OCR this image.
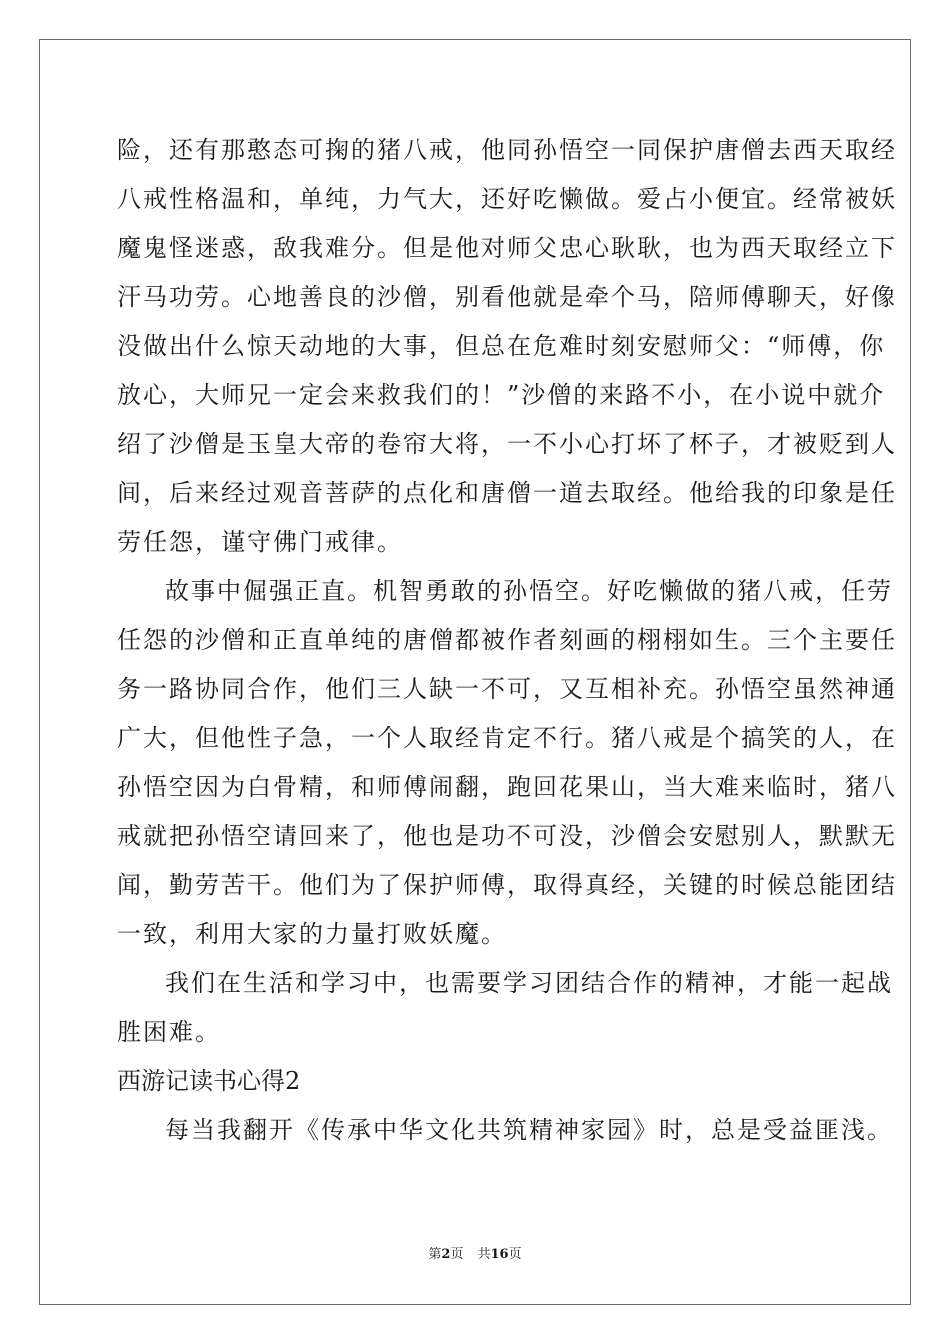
险，还有那憨态可掬的猪八戒，他同孙悟空一同保护唐僧去西天取经
八戒性格温和，单纯，力气大，还好吃懒做。爱占小便宜。经常被妖
魔鬼怪迷惑，敌我难分。但是他对师父忠心耿耿，也为西天取经立下
汗马功劳。心地善良的沙僧，别看他就是牵个马，陪师傅聊天，好像
没做出什么惊天动地的大事，但总在危难时刻安慰师父：“师傅，你
放心，大师兄一定会来救我们的！”沙僧的来路不小，在小说中就介
绍了沙僧是玉皇大帝的卷帘大将，一不小心打坏了杯子，才被贬到人
间，后来经过观音菩萨的点化和唐僧一道去取经。他给我的印象是任
劳任怨，谨守佛门戒律。
故事中倔强正直。机智勇敢的孙悟空。好吃懒做的猪八戒，任劳
任怨的沙僧和正直单纯的唐僧都被作者刻画的栩栩如生。三个主要任
务一路协同合作，他们三人缺一不可，又互相补充。孙悟空虽然神通
广大，但他性子急，一个人取经肯定不行。猪八戒是个搞笑的人，在
孙悟空因为白骨精，和师傅闹翻，跑回花果山，当大难来临时，猪八
戒就把孙悟空请回来了，他也是功不可没，沙僧会安慰别人，默默无
闻，勤劳苦干。他们为了保护师傅，取得真经，关键的时候总能团结
一致，利用大家的力量打败妖魔。
我们在生活和学习中，也需要学习团结合作的精神，才能一起战
胜困难。
西游记读书心得2
每当我翻开《传承中华文化共筑精神家园》时，总是受益匪浅。
第2页 共16页
